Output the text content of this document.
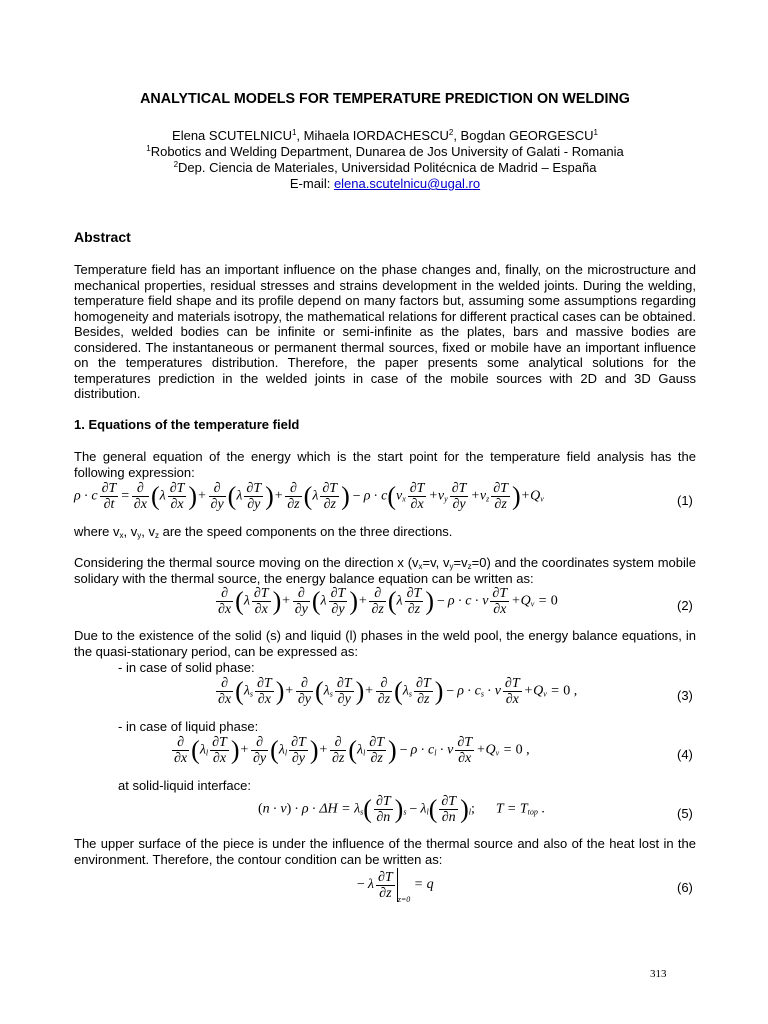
ANALYTICAL MODELS FOR TEMPERATURE PREDICTION ON WELDING
Elena SCUTELNICU$^1$, Mihaela IORDACHESCU$^2$, Bogdan GEORGESCU$^1$
$^1$Robotics and Welding Department, Dunarea de Jos University of Galati - Romania
$^2$Dep. Ciencia de Materiales, Universidad Politécnica de Madrid – España
E-mail: elena.scutelnicu@ugal.ro
Abstract

Temperature field has an important influence on the phase changes and, finally, on the microstructure and mechanical properties, residual stresses and strains development in the welded joints. During the welding, temperature field shape and its profile depend on many factors but, assuming some assumptions regarding homogeneity and materials isotropy, the mathematical relations for different practical cases can be obtained. Besides, welded bodies can be infinite or semi-infinite as the plates, bars and massive bodies are considered. The instantaneous or permanent thermal sources, fixed or mobile have an important influence on the temperatures distribution. Therefore, the paper presents some analytical solutions for the temperatures prediction in the welded joints in case of the mobile sources with 2D and 3D Gauss distribution.

1. Equations of the temperature field

The general equation of the energy which is the start point for the temperature field analysis has the following expression:

ρ · c $\frac{\partial T}{\partial t} = \frac{\partial}{\partial x} (\lambda \frac{\partial T}{\partial x}$ )+ $\frac{\partial}{\partial y} (\lambda \frac{\partial T}{\partial y}$ )+ $\frac{\partial}{\partial z} (\lambda \frac{\partial T}{\partial z}$ ) − $\rho \cdot c(v_x \frac{\partial T}{\partial x} +v_y \frac{\partial T}{\partial y} +v_z \frac{\partial T}{\partial z} )+Q_v$	(1)
where $v_x$, $v_y$, $v_z$ are the speed components on the three directions.

Considering the thermal source moving on the direction x ($v_x=v$, $v_y=v_z=0$) and the coordinates system mobile solidary with the thermal source, the energy balance equation can be written as:

$\frac{\partial}{\partial x} (\lambda \frac{\partial T}{\partial x}$ )+ $\frac{\partial}{\partial y} (\lambda \frac{\partial T}{\partial y}$ )+ $\frac{\partial}{\partial z} (\lambda \frac{\partial T}{\partial z}$ ) − ρ · c · v $\frac{\partial T}{\partial x} +Q_v = 0$	(2)

Due to the existence of the solid (s) and liquid (l) phases in the weld pool, the energy balance equations, in the quasi-stationary period, can be expressed as:

- in case of solid phase:
$\frac{\partial}{\partial x} (\lambda_s \frac{\partial T}{\partial x}$ )+ $\frac{\partial}{\partial y} (\lambda_s \frac{\partial T}{\partial y}$ )+ $\frac{\partial}{\partial z} (\lambda_s \frac{\partial T}{\partial z}$ ) − $\rho \cdot c_s \cdot v \frac{\partial T}{\partial x} +Q_v = 0$ ,	(3)
- in case of liquid phase:
$\frac{\partial}{\partial x} (\lambda_l \frac{\partial T}{\partial x}$ )+ $\frac{\partial}{\partial y} (\lambda_l \frac{\partial T}{\partial y}$ )+ $\frac{\partial}{\partial z} (\lambda_l \frac{\partial T}{\partial z}$ ) − $\rho \cdot c_l \cdot v \frac{\partial T}{\partial x} +Q_v = 0$ ,	(4)
at solid-liquid interface:
$(n \cdot v) \cdot \rho \cdot \Delta H = \lambda_s( \frac{\partial T}{\partial n} )_s - \lambda_l( \frac{\partial T}{\partial n} )_l$;      $T = T_{top}$ .	(5)

The upper surface of the piece is under the influence of the thermal source and also of the heat lost in the environment. Therefore, the contour condition can be written as:

− λ $\frac{\partial T}{\partial z} _{z=0} = q$	(6)
313
